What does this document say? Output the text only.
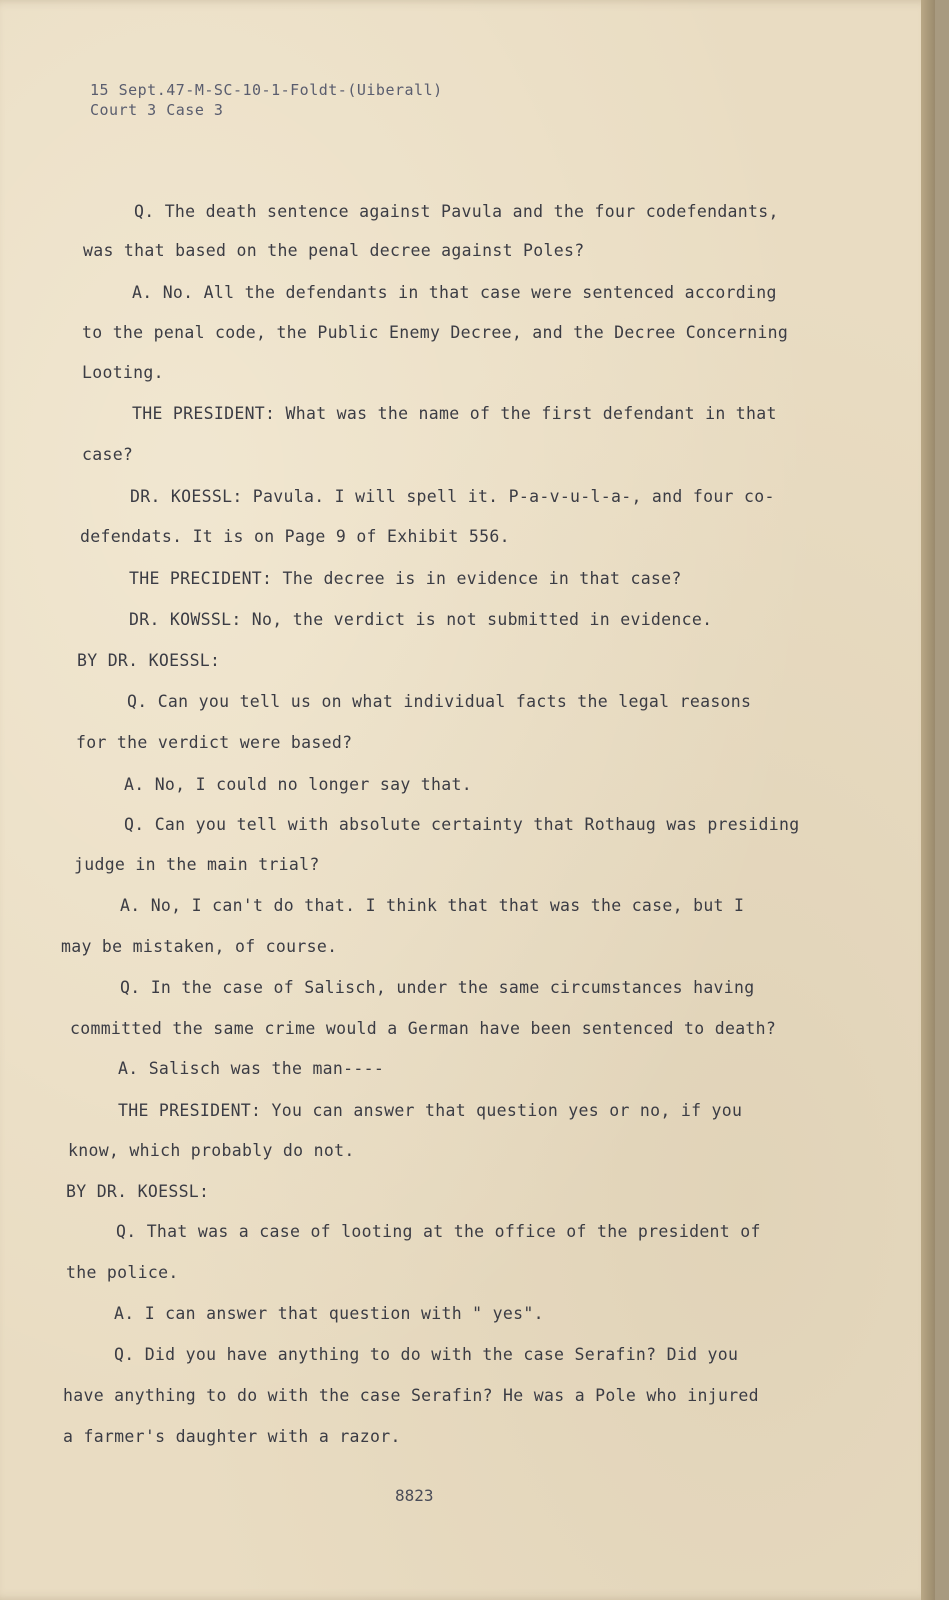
15 Sept.47-M-SC-10-1-Foldt-(Uiberall)
Court 3 Case 3
Q. The death sentence against Pavula and the four codefendants,
was that based on the penal decree against Poles?
A. No. All the defendants in that case were sentenced according
to the penal code, the Public Enemy Decree, and the Decree Concerning
Looting.
THE PRESIDENT: What was the name of the first defendant in that
case?
DR. KOESSL: Pavula. I will spell it. P-a-v-u-l-a-, and four co-
defendats. It is on Page 9 of Exhibit 556.
THE PRECIDENT: The decree is in evidence in that case?
DR. KOWSSL: No, the verdict is not submitted in evidence.
BY DR. KOESSL:
Q. Can you tell us on what individual facts the legal reasons
for the verdict were based?
A. No, I could no longer say that.
Q. Can you tell with absolute certainty that Rothaug was presiding
judge in the main trial?
A. No, I can't do that. I think that that was the case, but I
may be mistaken, of course.
Q. In the case of Salisch, under the same circumstances having
committed the same crime would a German have been sentenced to death?
A. Salisch was the man----
THE PRESIDENT: You can answer that question yes or no, if you
know, which probably do not.
BY DR. KOESSL:
Q. That was a case of looting at the office of the president of
the police.
A. I can answer that question with " yes".
Q. Did you have anything to do with the case Serafin? Did you
have anything to do with the case Serafin? He was a Pole who injured
a farmer's daughter with a razor.
8823
